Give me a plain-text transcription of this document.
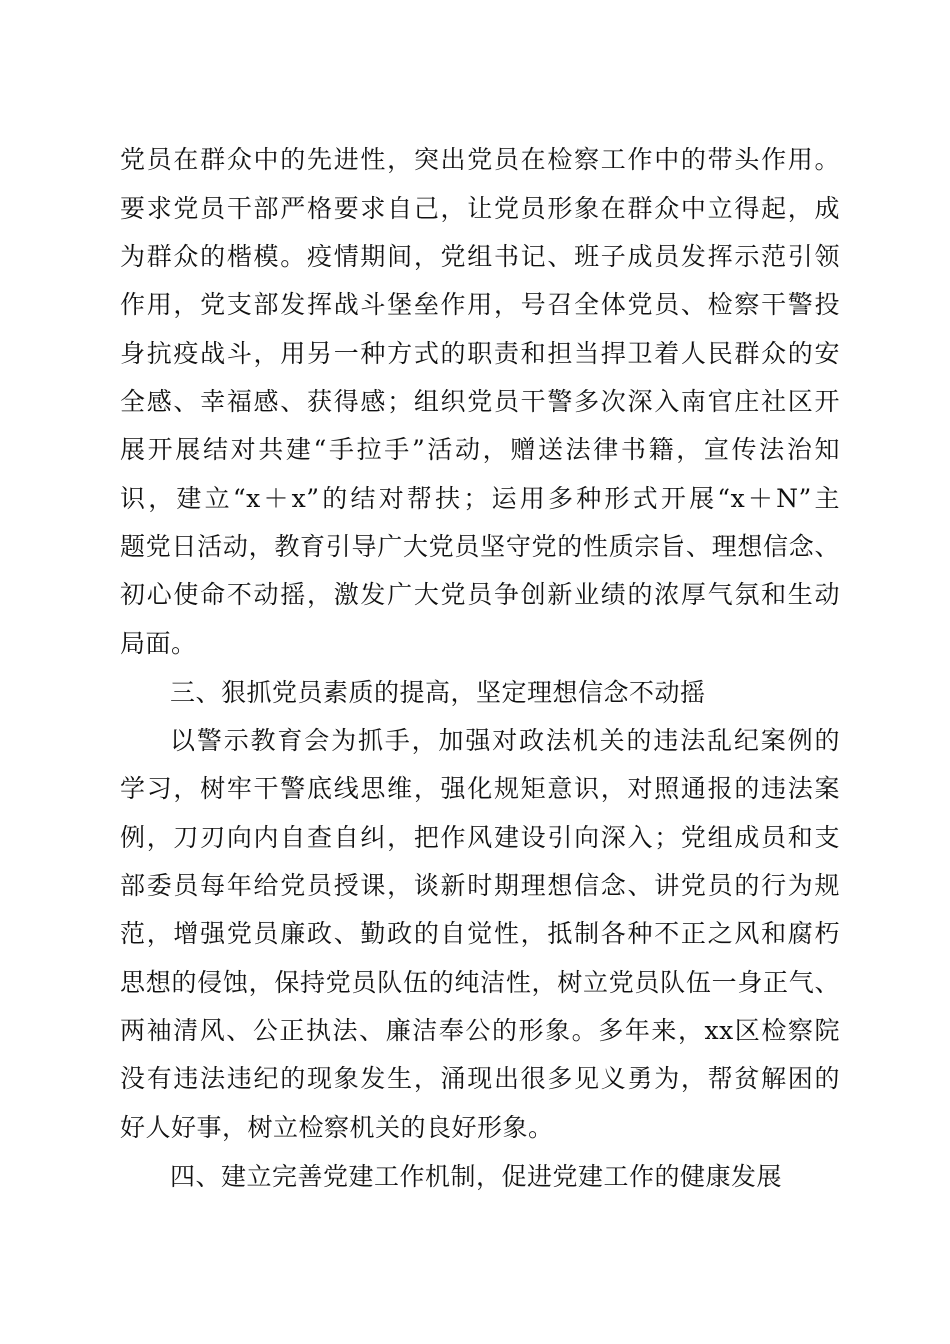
党员在群众中的先进性，突出党员在检察工作中的带头作用。
要求党员干部严格要求自己，让党员形象在群众中立得起，成
为群众的楷模。疫情期间，党组书记、班子成员发挥示范引领
作用，党支部发挥战斗堡垒作用，号召全体党员、检察干警投
身抗疫战斗，用另一种方式的职责和担当捍卫着人民群众的安
全感、幸福感、获得感；组织党员干警多次深入南官庄社区开
展开展结对共建“手拉手”活动，赠送法律书籍，宣传法治知
识，建立“x＋x”的结对帮扶；运用多种形式开展“x＋N”主
题党日活动，教育引导广大党员坚守党的性质宗旨、理想信念、
初心使命不动摇，激发广大党员争创新业绩的浓厚气氛和生动
局面。
三、狠抓党员素质的提高，坚定理想信念不动摇
以警示教育会为抓手，加强对政法机关的违法乱纪案例的
学习，树牢干警底线思维，强化规矩意识，对照通报的违法案
例，刀刃向内自查自纠，把作风建设引向深入；党组成员和支
部委员每年给党员授课，谈新时期理想信念、讲党员的行为规
范，增强党员廉政、勤政的自觉性，抵制各种不正之风和腐朽
思想的侵蚀，保持党员队伍的纯洁性，树立党员队伍一身正气、
两袖清风、公正执法、廉洁奉公的形象。多年来，xx区检察院
没有违法违纪的现象发生，涌现出很多见义勇为，帮贫解困的
好人好事，树立检察机关的良好形象。
四、建立完善党建工作机制，促进党建工作的健康发展
